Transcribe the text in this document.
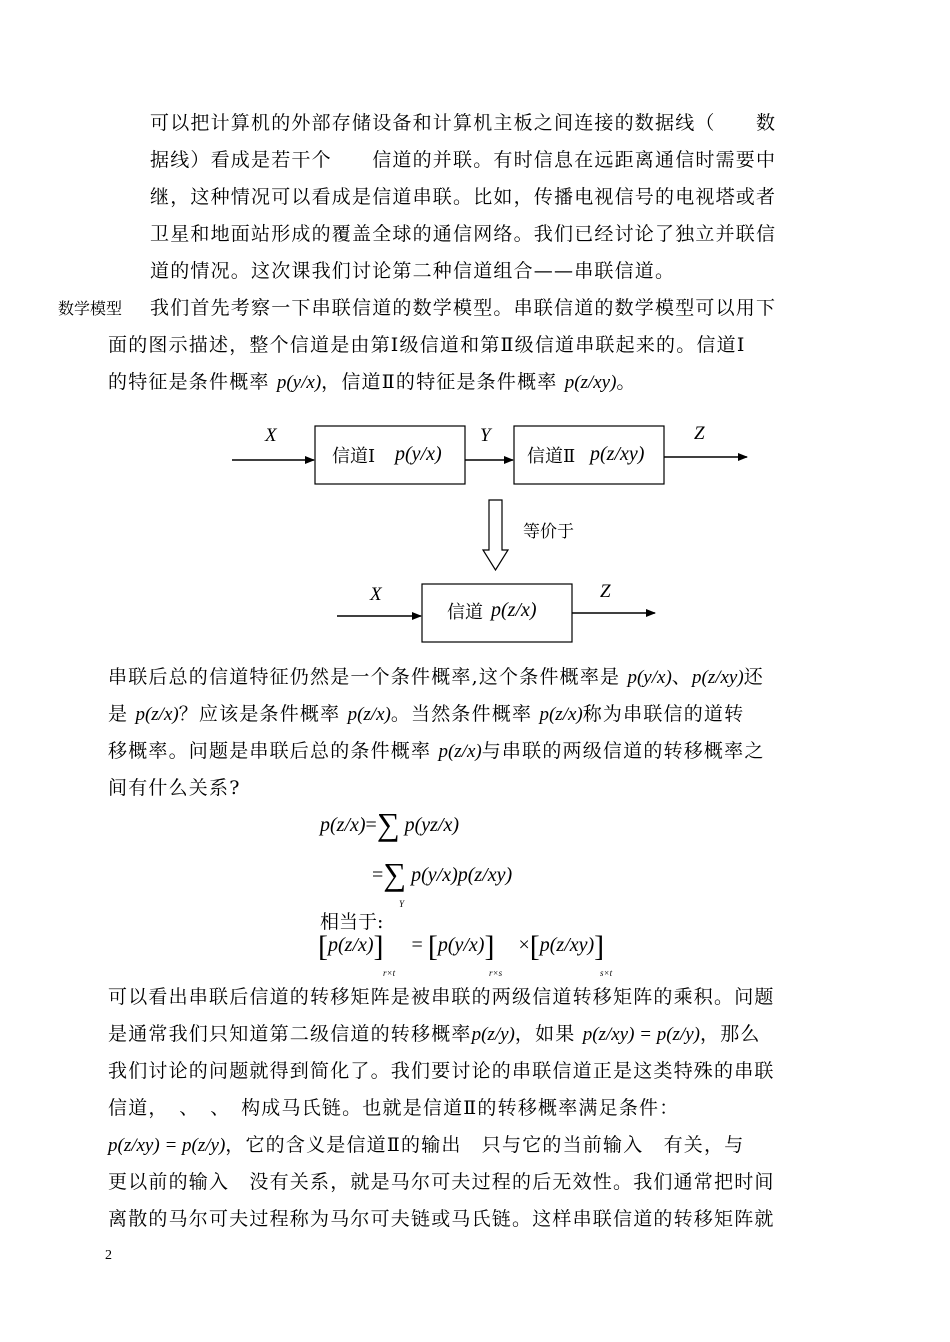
可以把计算机的外部存储设备和计算机主板之间连接的数据线（　　数
据线）看成是若干个　　信道的并联。有时信息在远距离通信时需要中
继，这种情况可以看成是信道串联。比如，传播电视信号的电视塔或者
卫星和地面站形成的覆盖全球的通信网络。我们已经讨论了独立并联信
道的情况。这次课我们讨论第二种信道组合——串联信道。
数学模型 我们首先考察一下串联信道的数学模型。串联信道的数学模型可以用下
面的图示描述，整个信道是由第Ⅰ级信道和第Ⅱ级信道串联起来的。信道Ⅰ
的特征是条件概率 p(y/x)，信道Ⅱ的特征是条件概率 p(z/xy)。
X
信道Ⅰ p(y/x)
Y
信道Ⅱ p(z/xy)
Z
等价于
X
信道 p(z/x)
Z
串联后总的信道特征仍然是一个条件概率,这个条件概率是 p(y/x)、p(z/xy)还
是 p(z/x)？应该是条件概率 p(z/x)。当然条件概率 p(z/x)称为串联信的道转
移概率。问题是串联后总的条件概率 p(z/x)与串联的两级信道的转移概率之
间有什么关系?
p(z/x)=∑ p(yz/x)
=∑ p(y/x)p(z/xy)
Y
相当于:
[p(z/x)] = [p(y/x)] ×[p(z/xy)]
r×t	r×s	s×t
可以看出串联后信道的转移矩阵是被串联的两级信道转移矩阵的乘积。问题
是通常我们只知道第二级信道的转移概率p(z/y)，如果 p(z/xy) = p(z/y)，那么
我们讨论的问题就得到简化了。我们要讨论的串联信道正是这类特殊的串联
信道，　、　、　构成马氏链。也就是信道Ⅱ的转移概率满足条件：
p(z/xy) = p(z/y)，它的含义是信道Ⅱ的输出　只与它的当前输入　有关，与
更以前的输入　没有关系，就是马尔可夫过程的后无效性。我们通常把时间
离散的马尔可夫过程称为马尔可夫链或马氏链。这样串联信道的转移矩阵就
2
